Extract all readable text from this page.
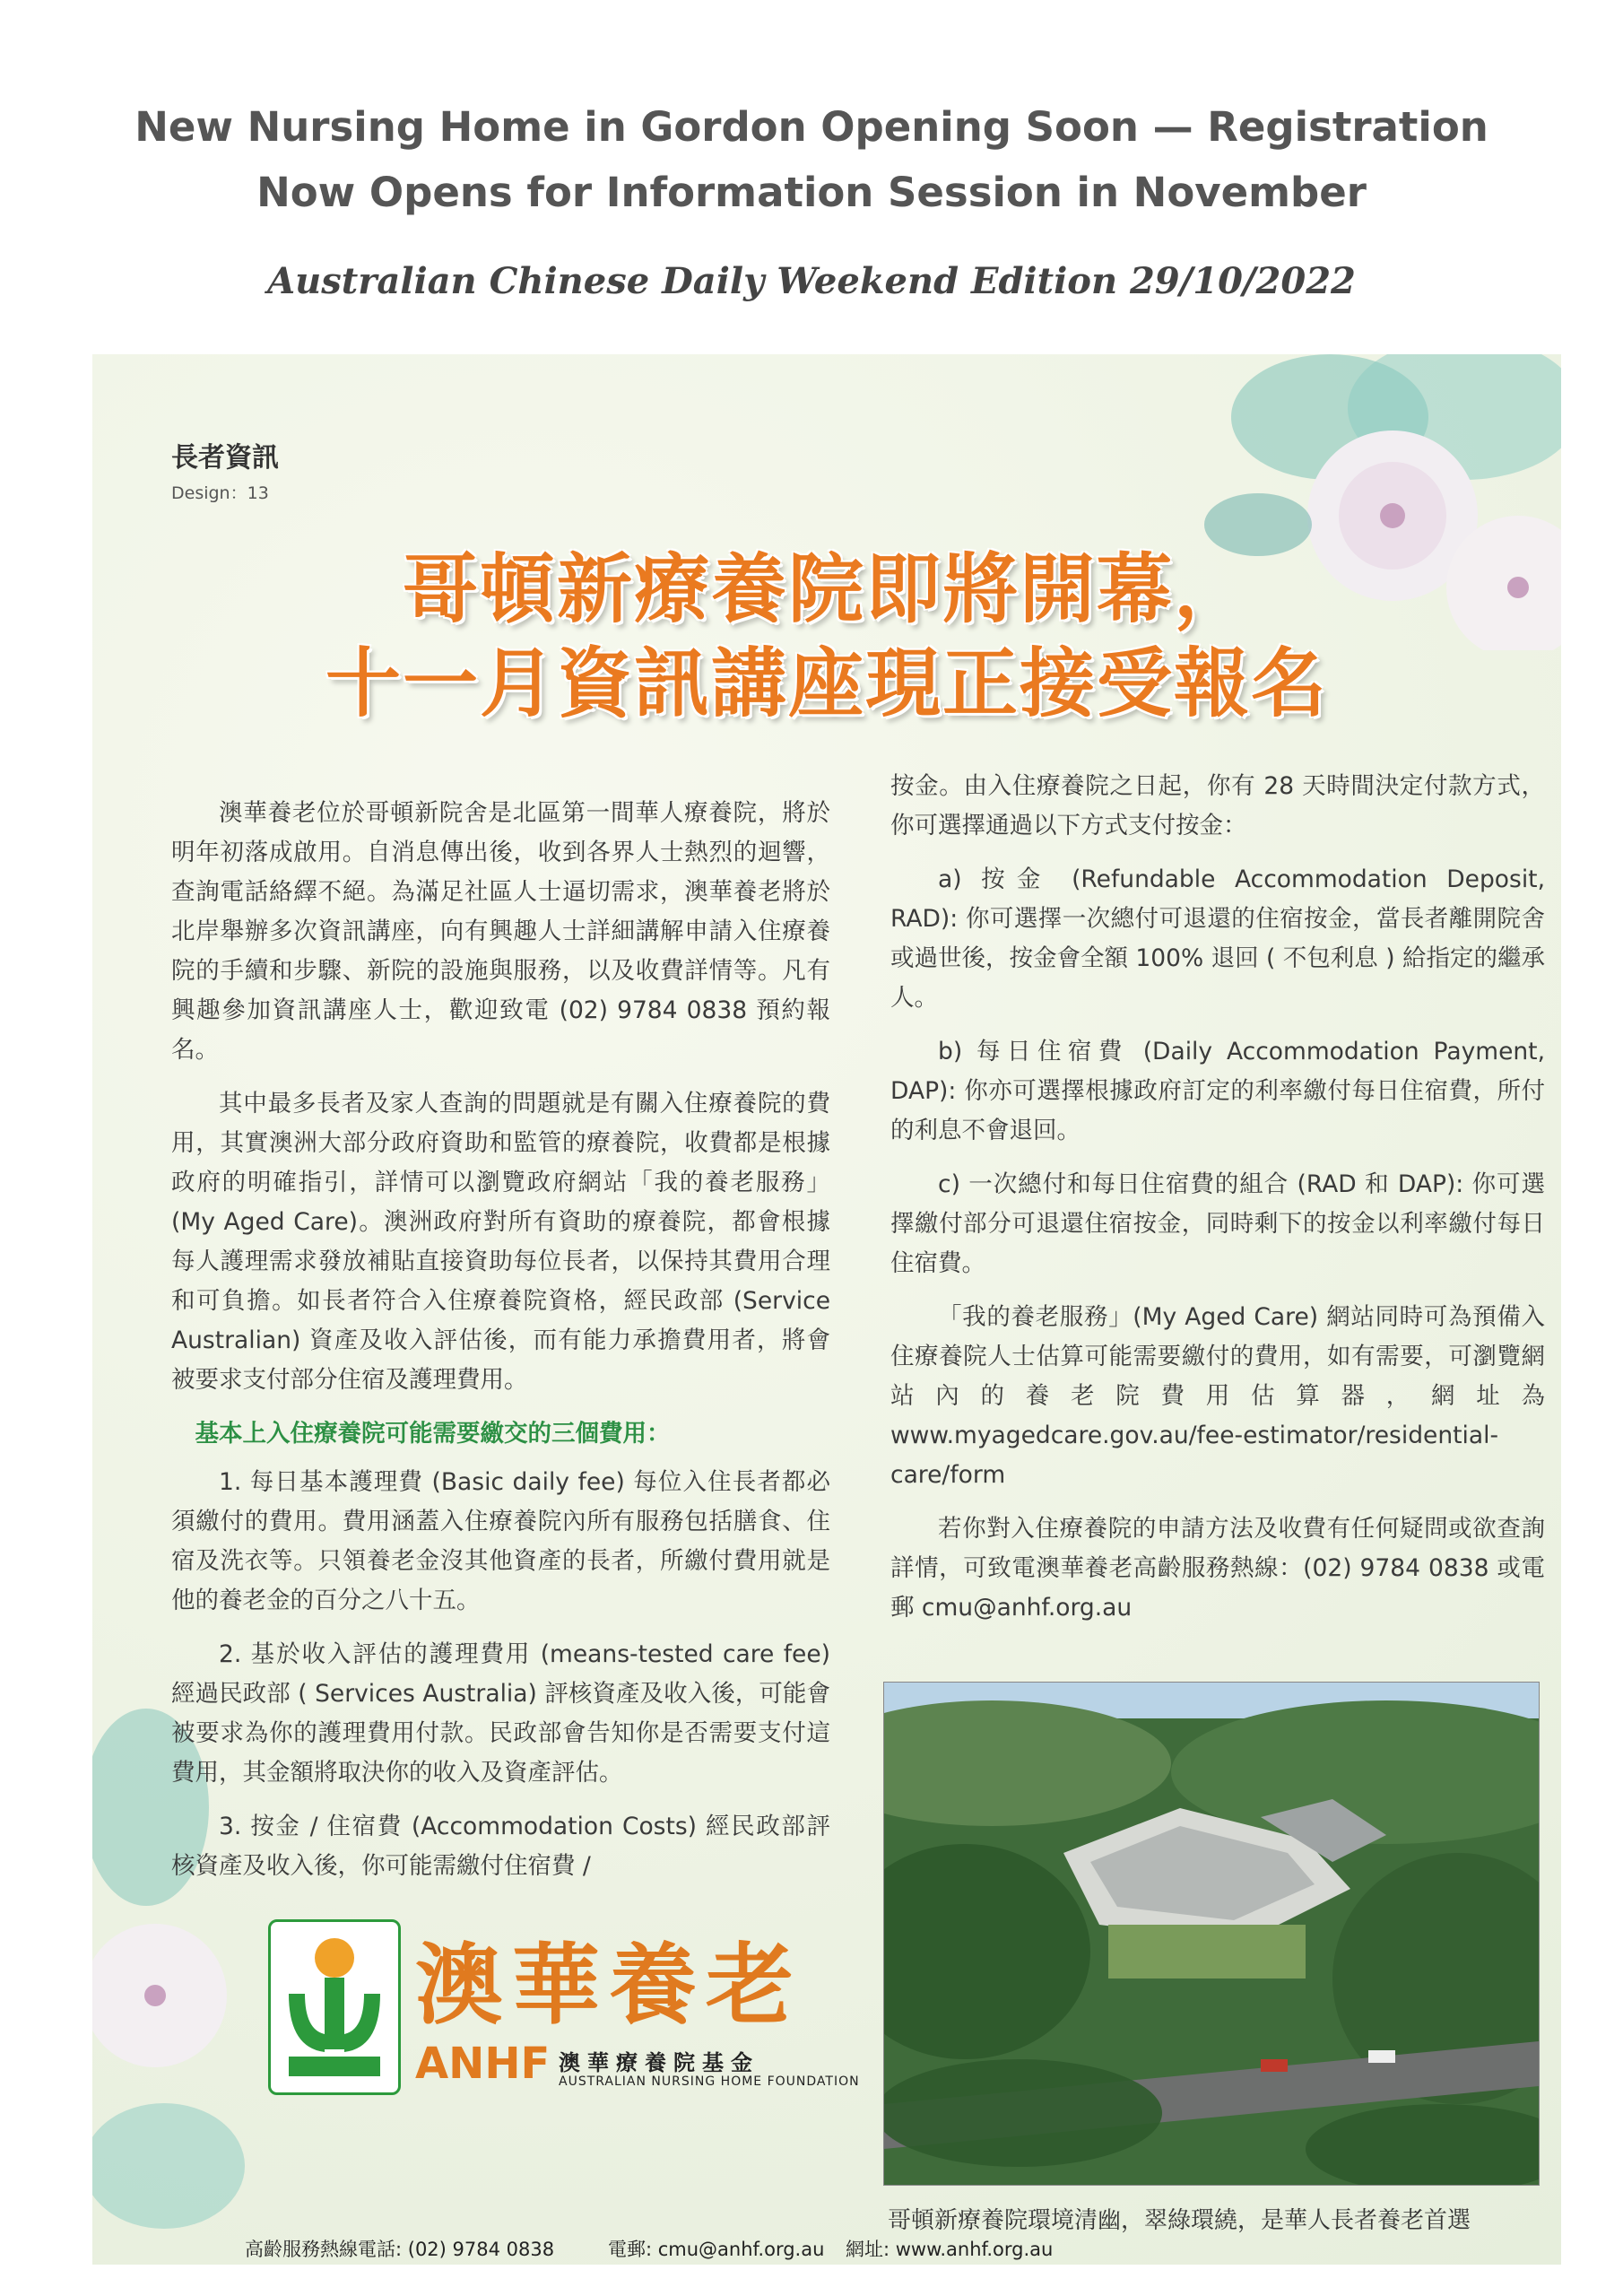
New Nursing Home in Gordon Opening Soon — Registration
Now Opens for Information Session in November
Australian Chinese Daily Weekend Edition 29/10/2022
長者資訊
Design：13
哥頓新療養院即將開幕，
十一月資訊講座現正接受報名

澳華養老位於哥頓新院舍是北區第一間華人療養院，將於明年初落成啟用。自消息傳出後，收到各界人士熱烈的迴響，查詢電話絡繹不絕。為滿足社區人士逼切需求，澳華養老將於北岸舉辦多次資訊講座，向有興趣人士詳細講解申請入住療養院的手續和步驟、新院的設施與服務，以及收費詳情等。凡有興趣參加資訊講座人士，歡迎致電 (02) 9784 0838 預約報名。

其中最多長者及家人查詢的問題就是有關入住療養院的費用，其實澳洲大部分政府資助和監管的療養院，收費都是根據政府的明確指引，詳情可以瀏覽政府網站「我的養老服務」(My Aged Care)。澳洲政府對所有資助的療養院，都會根據每人護理需求發放補貼直接資助每位長者，以保持其費用合理和可負擔。如長者符合入住療養院資格，經民政部 (Service Australian) 資產及收入評估後，而有能力承擔費用者，將會被要求支付部分住宿及護理費用。

基本上入住療養院可能需要繳交的三個費用：

1. 每日基本護理費 (Basic daily fee) 每位入住長者都必須繳付的費用。費用涵蓋入住療養院內所有服務包括膳食、住宿及洗衣等。只領養老金沒其他資產的長者，所繳付費用就是他的養老金的百分之八十五。

2. 基於收入評估的護理費用 (means-tested care fee) 經過民政部 ( Services Australia) 評核資產及收入後，可能會被要求為你的護理費用付款。民政部會告知你是否需要支付這費用，其金額將取決你的收入及資產評估。

3. 按金 / 住宿費 (Accommodation Costs) 經民政部評核資產及收入後，你可能需繳付住宿費 /

按金。由入住療養院之日起，你有 28 天時間決定付款方式，你可選擇通過以下方式支付按金：

a) 按金 (Refundable Accommodation Deposit, RAD): 你可選擇一次總付可退還的住宿按金，當長者離開院舍或過世後，按金會全額 100% 退回 ( 不包利息 ) 給指定的繼承人。

b) 每日住宿費 (Daily Accommodation Payment, DAP): 你亦可選擇根據政府訂定的利率繳付每日住宿費，所付的利息不會退回。

c) 一次總付和每日住宿費的組合 (RAD 和 DAP): 你可選擇繳付部分可退還住宿按金，同時剩下的按金以利率繳付每日住宿費。

「我的養老服務」(My Aged Care) 網站同時可為預備入住療養院人士估算可能需要繳付的費用，如有需要，可瀏覽網站內的養老院費用估算器，網址為 www.myagedcare.gov.au/fee-estimator/residential-care/form

若你對入住療養院的申請方法及收費有任何疑問或欲查詢詳情，可致電澳華養老高齡服務熱線：(02) 9784 0838 或電郵 cmu@anhf.org.au

哥頓新療養院環境清幽，翠綠環繞，是華人長者養老首選
澳華養老
ANHF 澳華療養院基金
AUSTRALIAN NURSING HOME FOUNDATION
高齡服務熱線電話: (02) 9784 0838	電郵: cmu@anhf.org.au 網址: www.anhf.org.au
